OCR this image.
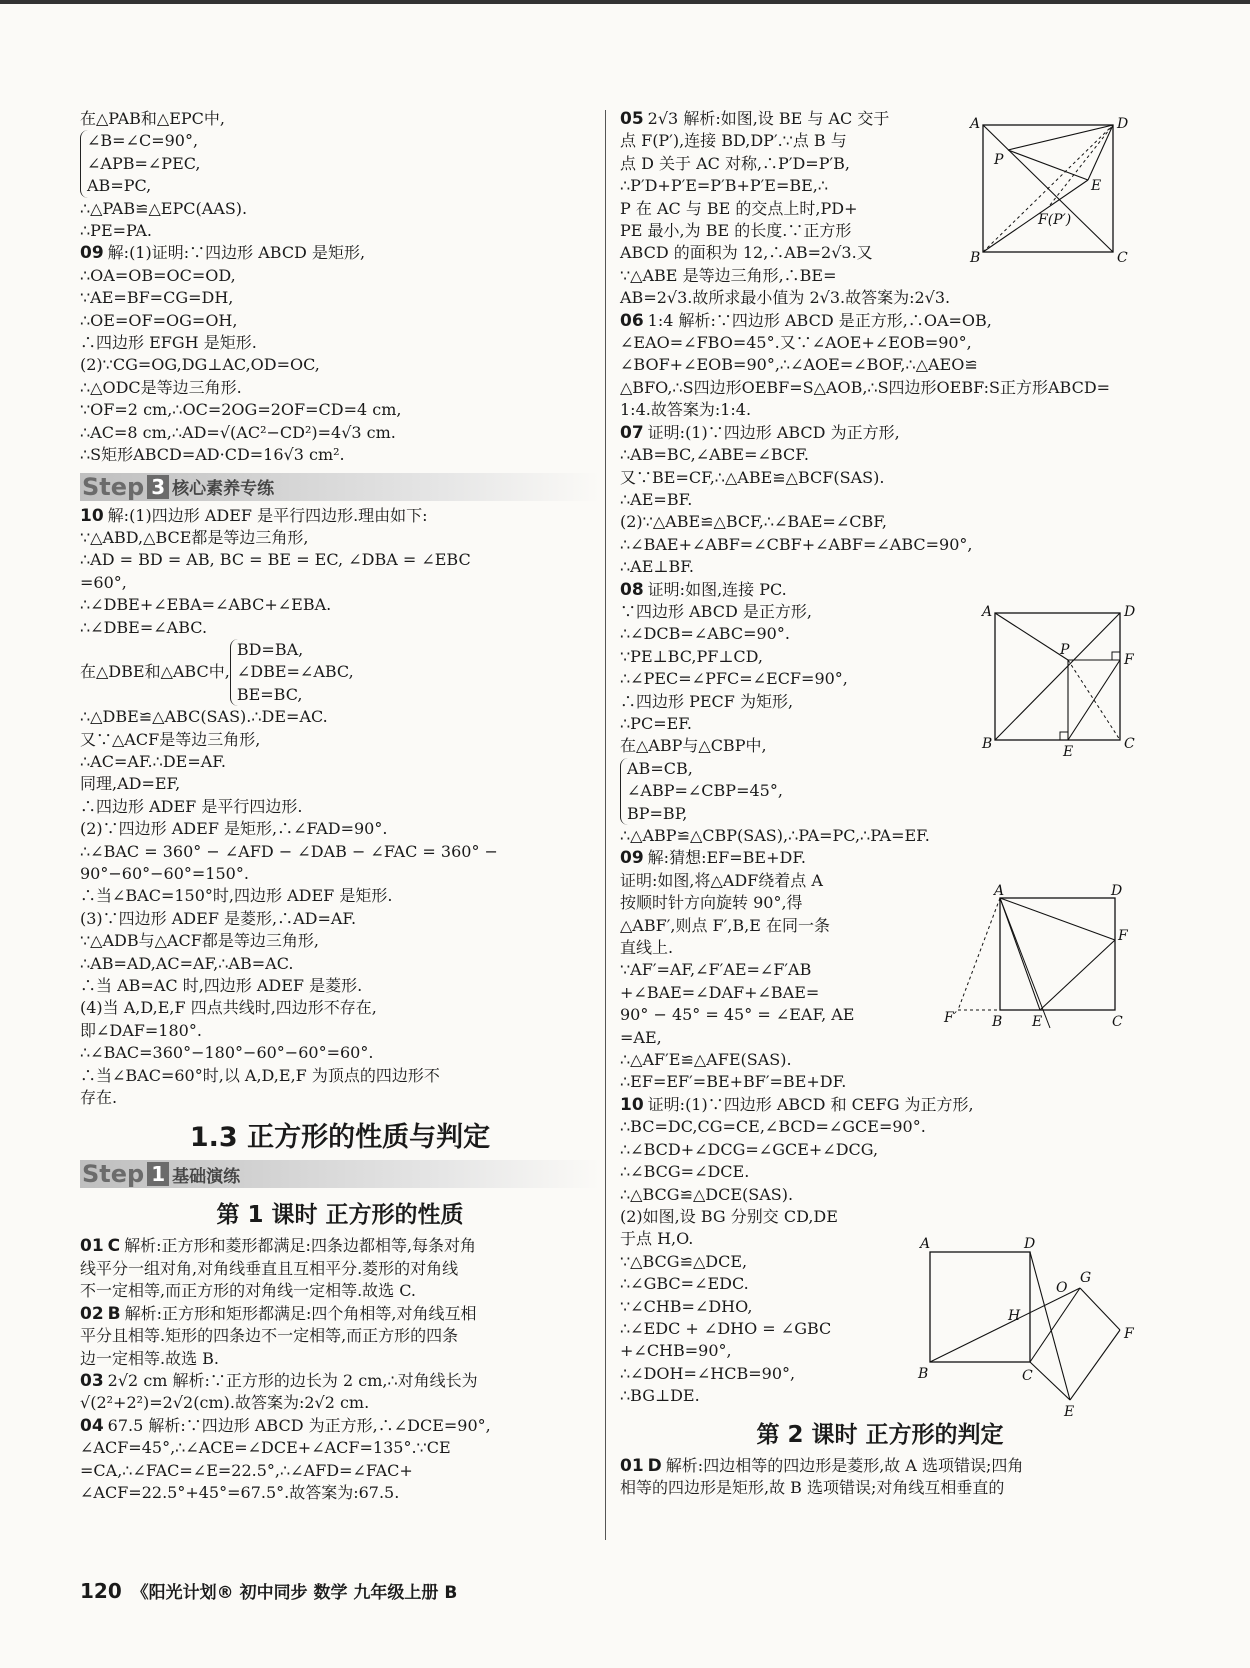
在△PAB和△EPC中,
∠B=∠C=90°,
∠APB=∠PEC,
AB=PC,
∴△PAB≌△EPC(AAS).
∴PE=PA.
09 解:(1)证明:∵四边形 ABCD 是矩形,
∴OA=OB=OC=OD,
∵AE=BF=CG=DH,
∴OE=OF=OG=OH,
∴四边形 EFGH 是矩形.
(2)∵CG=OG,DG⊥AC,OD=OC,
∴△ODC是等边三角形.
∵OF=2 cm,∴OC=2OG=2OF=CD=4 cm,
∴AC=8 cm,∴AD=√(AC²−CD²)=4√3 cm.
∴S矩形ABCD=AD·CD=16√3 cm².
Step 3 核心素养专练
10 解:(1)四边形 ADEF 是平行四边形.理由如下:
∵△ABD,△BCE都是等边三角形,
∴AD = BD = AB, BC = BE = EC, ∠DBA = ∠EBC
=60°,
∴∠DBE+∠EBA=∠ABC+∠EBA.
∴∠DBE=∠ABC.
在△DBE和△ABC中,
BD=BA,
∠DBE=∠ABC,
BE=BC,
∴△DBE≌△ABC(SAS).∴DE=AC.
又∵△ACF是等边三角形,
∴AC=AF.∴DE=AF.
同理,AD=EF,
∴四边形 ADEF 是平行四边形.
(2)∵四边形 ADEF 是矩形,∴∠FAD=90°.
∴∠BAC = 360° − ∠AFD − ∠DAB − ∠FAC = 360° −
90°−60°−60°=150°.
∴当∠BAC=150°时,四边形 ADEF 是矩形.
(3)∵四边形 ADEF 是菱形,∴AD=AF.
∵△ADB与△ACF都是等边三角形,
∴AB=AD,AC=AF,∴AB=AC.
∴当 AB=AC 时,四边形 ADEF 是菱形.
(4)当 A,D,E,F 四点共线时,四边形不存在,
即∠DAF=180°.
∴∠BAC=360°−180°−60°−60°=60°.
∴当∠BAC=60°时,以 A,D,E,F 为顶点的四边形不
存在.
1.3 正方形的性质与判定
Step 1 基础演练
第 1 课时 正方形的性质
01 C 解析:正方形和菱形都满足:四条边都相等,每条对角
线平分一组对角,对角线垂直且互相平分.菱形的对角线
不一定相等,而正方形的对角线一定相等.故选 C.
02 B 解析:正方形和矩形都满足:四个角相等,对角线互相
平分且相等.矩形的四条边不一定相等,而正方形的四条
边一定相等.故选 B.
03 2√2 cm 解析:∵正方形的边长为 2 cm,∴对角线长为
√(2²+2²)=2√2(cm).故答案为:2√2 cm.
04 67.5 解析:∵四边形 ABCD 为正方形,∴∠DCE=90°,
∠ACF=45°,∴∠ACE=∠DCE+∠ACF=135°.∵CE
=CA,∴∠FAC=∠E=22.5°,∴∠AFD=∠FAC+
∠ACF=22.5°+45°=67.5°.故答案为:67.5.
05 2√3 解析:如图,设 BE 与 AC 交于
点 F(P′),连接 BD,DP′.∵点 B 与
点 D 关于 AC 对称,∴P′D=P′B,
∴P′D+P′E=P′B+P′E=BE,∴
P 在 AC 与 BE 的交点上时,PD+
PE 最小,为 BE 的长度.∵正方形
ABCD 的面积为 12,∴AB=2√3.又
∵△ABE 是等边三角形,∴BE=
AB=2√3.故所求最小值为 2√3.故答案为:2√3.
06 1:4 解析:∵四边形 ABCD 是正方形,∴OA=OB,
∠EAO=∠FBO=45°.又∵∠AOE+∠EOB=90°,
∠BOF+∠EOB=90°,∴∠AOE=∠BOF,∴△AEO≌
△BFO,∴S四边形OEBF=S△AOB,∴S四边形OEBF:S正方形ABCD=
1:4.故答案为:1:4.
07 证明:(1)∵四边形 ABCD 为正方形,
∴AB=BC,∠ABE=∠BCF.
又∵BE=CF,∴△ABE≌△BCF(SAS).
∴AE=BF.
(2)∵△ABE≌△BCF,∴∠BAE=∠CBF,
∴∠BAE+∠ABF=∠CBF+∠ABF=∠ABC=90°,
∴AE⊥BF.
08 证明:如图,连接 PC.
∵四边形 ABCD 是正方形,
∴∠DCB=∠ABC=90°.
∵PE⊥BC,PF⊥CD,
∴∠PEC=∠PFC=∠ECF=90°,
∴四边形 PECF 为矩形,
∴PC=EF.
在△ABP与△CBP中,
AB=CB,
∠ABP=∠CBP=45°,
BP=BP,
∴△ABP≌△CBP(SAS),∴PA=PC,∴PA=EF.
09 解:猜想:EF=BE+DF.
证明:如图,将△ADF绕着点 A
按顺时针方向旋转 90°,得
△ABF′,则点 F′,B,E 在同一条
直线上.
∵AF′=AF,∠F′AE=∠F′AB
+∠BAE=∠DAF+∠BAE=
90° − 45° = 45° = ∠EAF, AE
=AE,
∴△AF′E≌△AFE(SAS).
∴EF=EF′=BE+BF′=BE+DF.
10 证明:(1)∵四边形 ABCD 和 CEFG 为正方形,
∴BC=DC,CG=CE,∠BCD=∠GCE=90°.
∴∠BCD+∠DCG=∠GCE+∠DCG,
∴∠BCG=∠DCE.
∴△BCG≌△DCE(SAS).
(2)如图,设 BG 分别交 CD,DE
于点 H,O.
∵△BCG≌△DCE,
∴∠GBC=∠EDC.
∵∠CHB=∠DHO,
∴∠EDC + ∠DHO = ∠GBC
+∠CHB=90°,
∴∠DOH=∠HCB=90°,
∴BG⊥DE.
第 2 课时 正方形的判定
01 D 解析:四边相等的四边形是菱形,故 A 选项错误;四角
相等的四边形是矩形,故 B 选项错误;对角线互相垂直的
A	D
P
E
F(P′)
B	C
A	D
P
F
B	E	C
A	D
F
F′	B E	C
A	D
G
O
H
F
B	C
E
120 《阳光计划® 初中同步 数学 九年级上册 B
